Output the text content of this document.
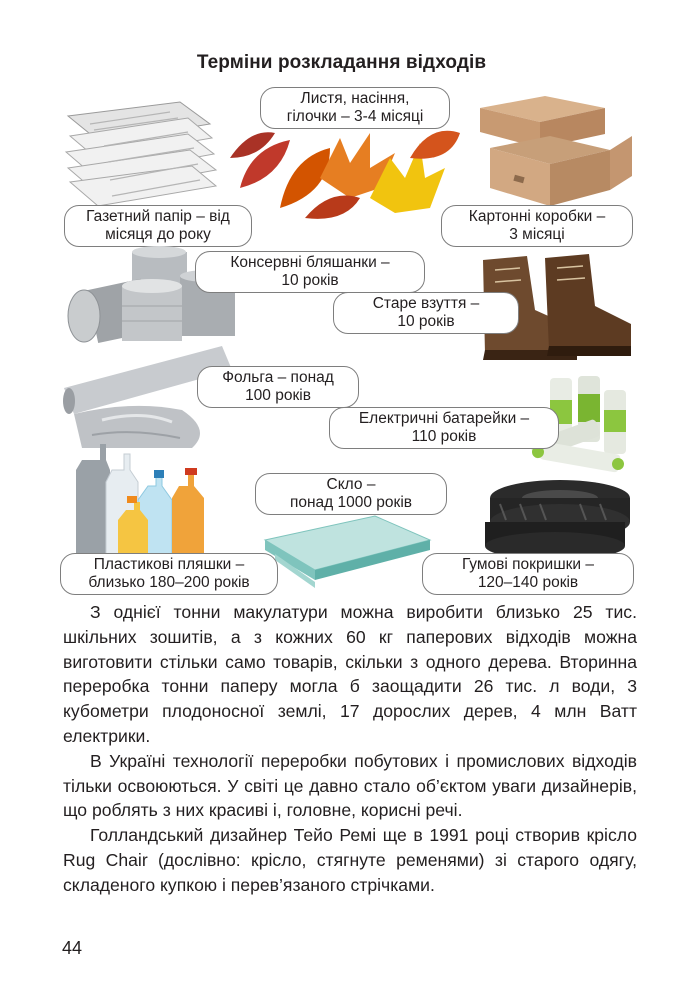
Терміни розкладання відходів
Листя, насіння,
гілочки – 3-4 місяці
Газетний папір – від
місяця до року
Картонні коробки –
3 місяці
Консервні бляшанки –
10 років
Старе взуття –
10 років
Фольга – понад
100 років
Електричні батарейки –
110 років
Скло –
понад 1000 років
Пластикові пляшки –
близько 180–200 років
Гумові покришки –
120–140 років

З однієї тонни макулатури можна виробити близько 25 тис. шкільних зошитів, а з кожних 60 кг паперових відходів можна виготовити стільки само товарів, скільки з одного дерева. Вторинна переробка тонни паперу могла б заощадити 26 тис. л води, 3 кубометри плодоносної землі, 17 дорослих дерев, 4 млн Ватт електрики.

В Україні технології переробки побутових і промислових відходів тільки освоюються. У світі це давно стало об’єктом уваги дизайнерів, що роблять з них красиві і, головне, корисні речі.

Голландський дизайнер Тейо Ремі ще в 1991 році створив крісло Rug Chair (дослівно: крісло, стягнуте ременями) зі старого одягу, складеного купкою і перев’язаного стрічками.

44
